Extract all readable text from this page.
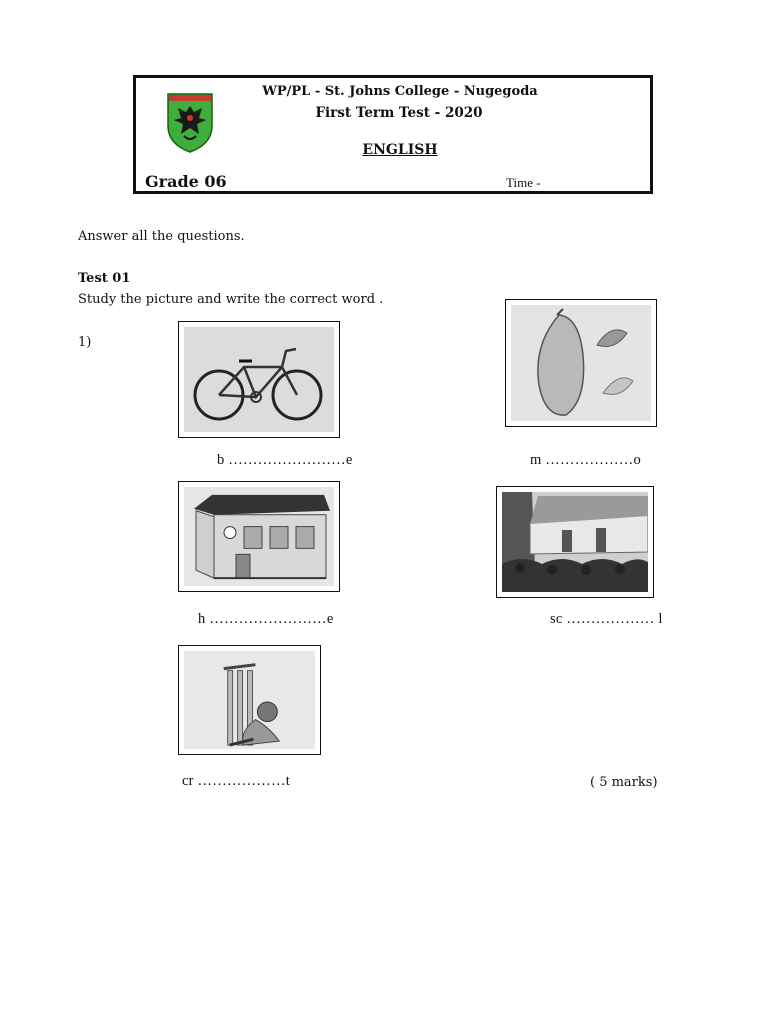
WP/PL - St. Johns College - Nugegoda
First Term Test - 2020
ENGLISH
Grade 06	Time -
Answer all the questions.
Test 01
Study the picture and write the correct word .
1)
b ……………………e	m ………………o
h ……………………e	sc ……………… l
cr ………………t	( 5 marks)
